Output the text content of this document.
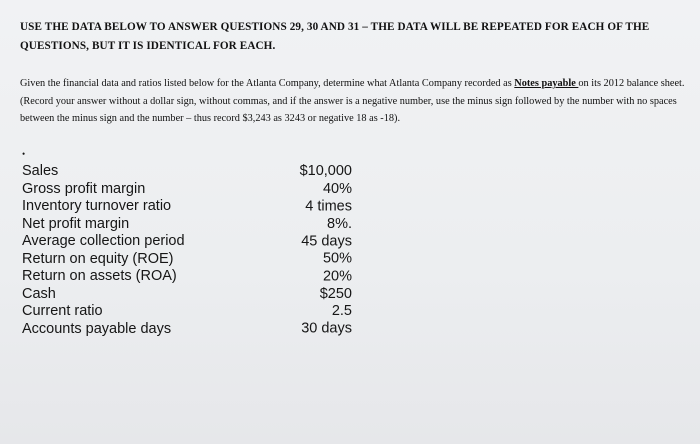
USE THE DATA BELOW TO ANSWER QUESTIONS 29, 30 AND 31 – THE DATA WILL BE REPEATED FOR EACH OF THE QUESTIONS, BUT IT IS IDENTICAL FOR EACH.
Given the financial data and ratios listed below for the Atlanta Company, determine what Atlanta Company recorded as Notes payable on its 2012 balance sheet. (Record your answer without a dollar sign, without commas, and if the answer is a negative number, use the minus sign followed by the number with no spaces between the minus sign and the number – thus record $3,243 as 3243 or negative 18 as -18).
•
Sales	$10,000
Gross profit margin	40%
Inventory turnover ratio	4 times
Net profit margin	8%.
Average collection period	45 days
Return on equity (ROE)	50%
Return on assets (ROA)	20%
Cash	$250
Current ratio	2.5
Accounts payable days	30 days
